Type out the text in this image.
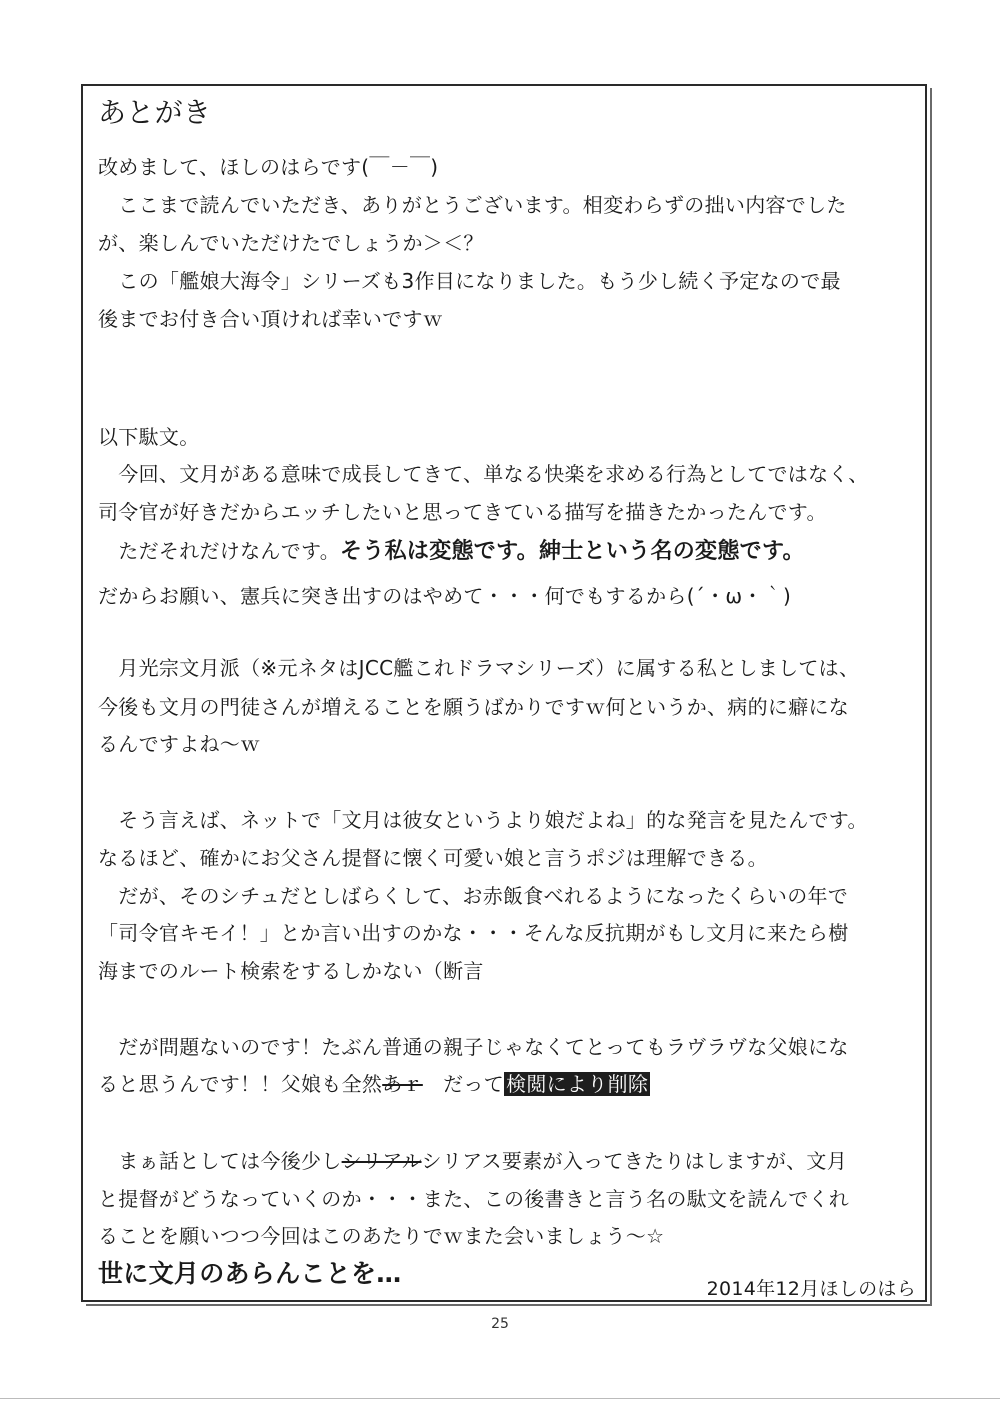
あとがき
改めまして、ほしのはらです(￣－￣)
　ここまで読んでいただき、ありがとうございます。相変わらずの拙い内容でした
が、楽しんでいただけたでしょうか＞＜？
　この「艦娘大海令」シリーズも3作目になりました。もう少し続く予定なので最
後までお付き合い頂ければ幸いですｗ
以下駄文。
　今回、文月がある意味で成長してきて、単なる快楽を求める行為としてではなく、
司令官が好きだからエッチしたいと思ってきている描写を描きたかったんです。
　ただそれだけなんです。そう私は変態です。紳士という名の変態です。
だからお願い、憲兵に突き出すのはやめて・・・何でもするから(´・ω・｀)
　月光宗文月派（※元ネタはJCC艦これドラマシリーズ）に属する私としましては、
今後も文月の門徒さんが増えることを願うばかりですｗ何というか、病的に癖にな
るんですよね～ｗ
　そう言えば、ネットで「文月は彼女というより娘だよね」的な発言を見たんです。
なるほど、確かにお父さん提督に懐く可愛い娘と言うポジは理解できる。
　だが、そのシチュだとしばらくして、お赤飯食べれるようになったくらいの年で
「司令官キモイ！」とか言い出すのかな・・・そんな反抗期がもし文月に来たら樹
海までのルート検索をするしかない（断言
　だが問題ないのです！たぶん普通の親子じゃなくてとってもラヴラヴな父娘にな
ると思うんです！！父娘も全然あｒ　だって 検閲により削除
　まぁ話としては今後少しシリアルシリアス要素が入ってきたりはしますが、文月
と提督がどうなっていくのか・・・また、この後書きと言う名の駄文を読んでくれ
ることを願いつつ今回はこのあたりでｗまた会いましょう～☆
世に文月のあらんことを…
2014年12月ほしのはら
25
